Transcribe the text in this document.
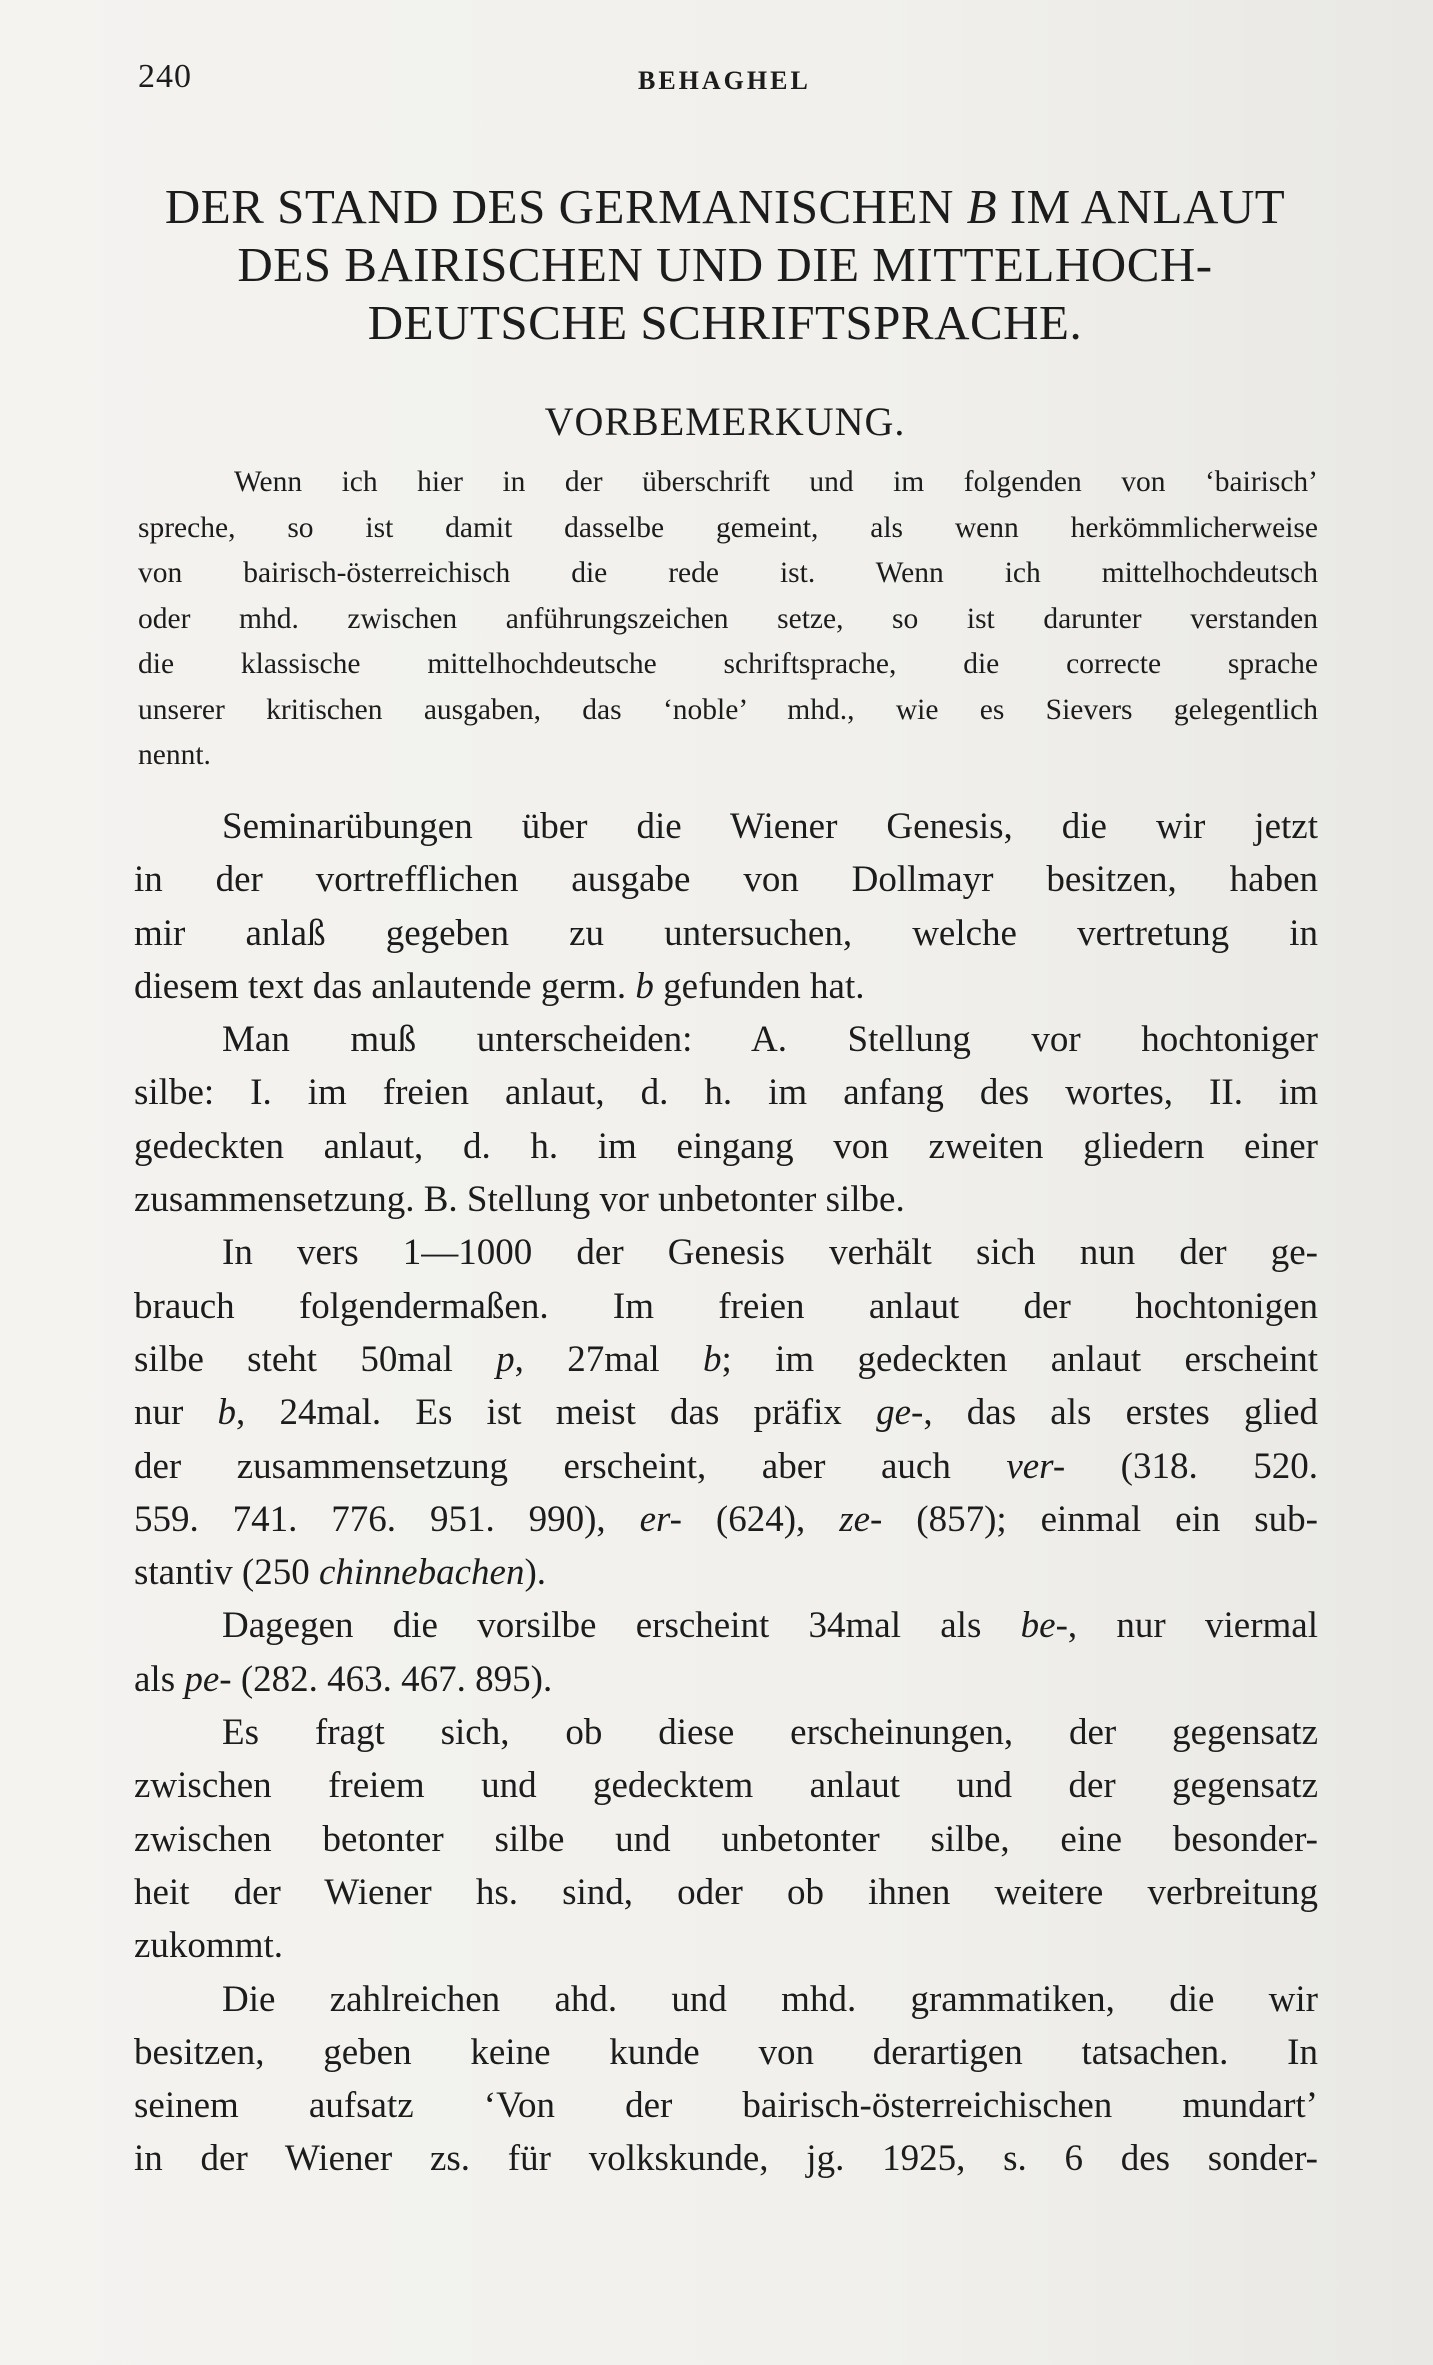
240	BEHAGHEL
DER STAND DES GERMANISCHEN B IM ANLAUT
DES BAIRISCHEN UND DIE MITTELHOCH-
DEUTSCHE SCHRIFTSPRACHE.
VORBEMERKUNG.

Wenn ich hier in der überschrift und im folgenden von ‘bairisch’
spreche, so ist damit dasselbe gemeint, als wenn herkömmlicherweise
von bairisch-österreichisch die rede ist. Wenn ich mittelhochdeutsch
oder mhd. zwischen anführungszeichen setze, so ist darunter verstanden
die klassische mittelhochdeutsche schriftsprache, die correcte sprache
unserer kritischen ausgaben, das ‘noble’ mhd., wie es Sievers gelegentlich
nennt.

Seminarübungen über die Wiener Genesis, die wir jetzt
in der vortrefflichen ausgabe von Dollmayr besitzen, haben
mir anlaß gegeben zu untersuchen, welche vertretung in
diesem text das anlautende germ. b gefunden hat.
Man muß unterscheiden: A. Stellung vor hochtoniger
silbe: I. im freien anlaut, d. h. im anfang des wortes, II. im
gedeckten anlaut, d. h. im eingang von zweiten gliedern einer
zusammensetzung. B. Stellung vor unbetonter silbe.
In vers 1—1000 der Genesis verhält sich nun der ge-
brauch folgendermaßen. Im freien anlaut der hochtonigen
silbe steht 50mal p, 27mal b; im gedeckten anlaut erscheint
nur b, 24mal. Es ist meist das präfix ge-, das als erstes glied
der zusammensetzung erscheint, aber auch ver- (318. 520.
559. 741. 776. 951. 990), er- (624), ze- (857); einmal ein sub-
stantiv (250 chinnebachen).
Dagegen die vorsilbe erscheint 34mal als be-, nur viermal
als pe- (282. 463. 467. 895).
Es fragt sich, ob diese erscheinungen, der gegensatz
zwischen freiem und gedecktem anlaut und der gegensatz
zwischen betonter silbe und unbetonter silbe, eine besonder-
heit der Wiener hs. sind, oder ob ihnen weitere verbreitung
zukommt.
Die zahlreichen ahd. und mhd. grammatiken, die wir
besitzen, geben keine kunde von derartigen tatsachen. In
seinem aufsatz ‘Von der bairisch-österreichischen mundart’
in der Wiener zs. für volkskunde, jg. 1925, s. 6 des sonder-
